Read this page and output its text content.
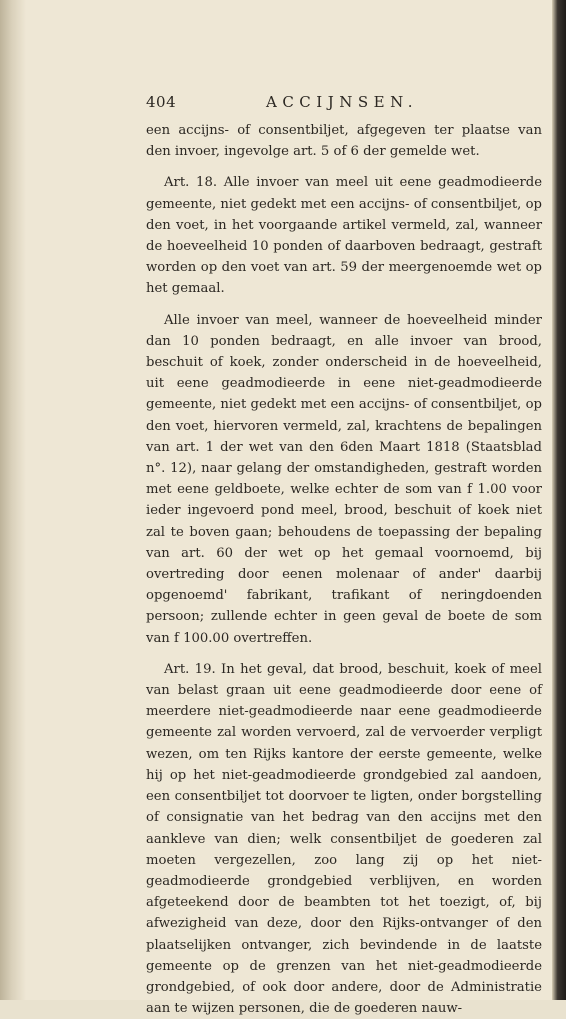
404	ACCIJNSEN.

een accijns- of consentbiljet, afgegeven ter plaatse van den invoer, ingevolge art. 5 of 6 der gemelde wet.

Art. 18. Alle invoer van meel uit eene geadmodieerde gemeente, niet gedekt met een accijns- of consentbiljet, op den voet, in het voorgaande artikel vermeld, zal, wanneer de hoeveelheid 10 ponden of daarboven bedraagt, gestraft worden op den voet van art. 59 der meergenoemde wet op het gemaal.

Alle invoer van meel, wanneer de hoeveelheid minder dan 10 ponden bedraagt, en alle invoer van brood, beschuit of koek, zonder onderscheid in de hoeveelheid, uit eene geadmodieerde in eene niet-geadmodieerde gemeente, niet gedekt met een accijns- of consentbiljet, op den voet, hiervoren vermeld, zal, krachtens de bepalingen van art. 1 der wet van den 6den Maart 1818 (Staatsblad n°. 12), naar gelang der omstandigheden, gestraft worden met eene geldboete, welke echter de som van f 1.00 voor ieder ingevoerd pond meel, brood, beschuit of koek niet zal te boven gaan; behoudens de toepassing der bepaling van art. 60 der wet op het gemaal voornoemd, bij overtreding door eenen molenaar of ander' daarbij opgenoemd' fabrikant, trafikant of neringdoenden persoon; zullende echter in geen geval de boete de som van f 100.00 overtreffen.

Art. 19. In het geval, dat brood, beschuit, koek of meel van belast graan uit eene geadmodieerde door eene of meerdere niet-geadmodieerde naar eene geadmodieerde gemeente zal worden vervoerd, zal de vervoerder verpligt wezen, om ten Rijks kantore der eerste gemeente, welke hij op het niet-geadmodieerde grondgebied zal aandoen, een consentbiljet tot doorvoer te ligten, onder borgstelling of consignatie van het bedrag van den accijns met den aankleve van dien; welk consentbiljet de goederen zal moeten vergezellen, zoo lang zij op het niet-geadmodieerde grondgebied verblijven, en worden afgeteekend door de beambten tot het toezigt, of, bij afwezigheid van deze, door den Rijks-ontvanger of den plaatselijken ontvanger, zich bevindende in de laatste gemeente op de grenzen van het niet-geadmodieerde grondgebied, of ook door andere, door de Administratie aan te wijzen personen, die de goederen nauw-
